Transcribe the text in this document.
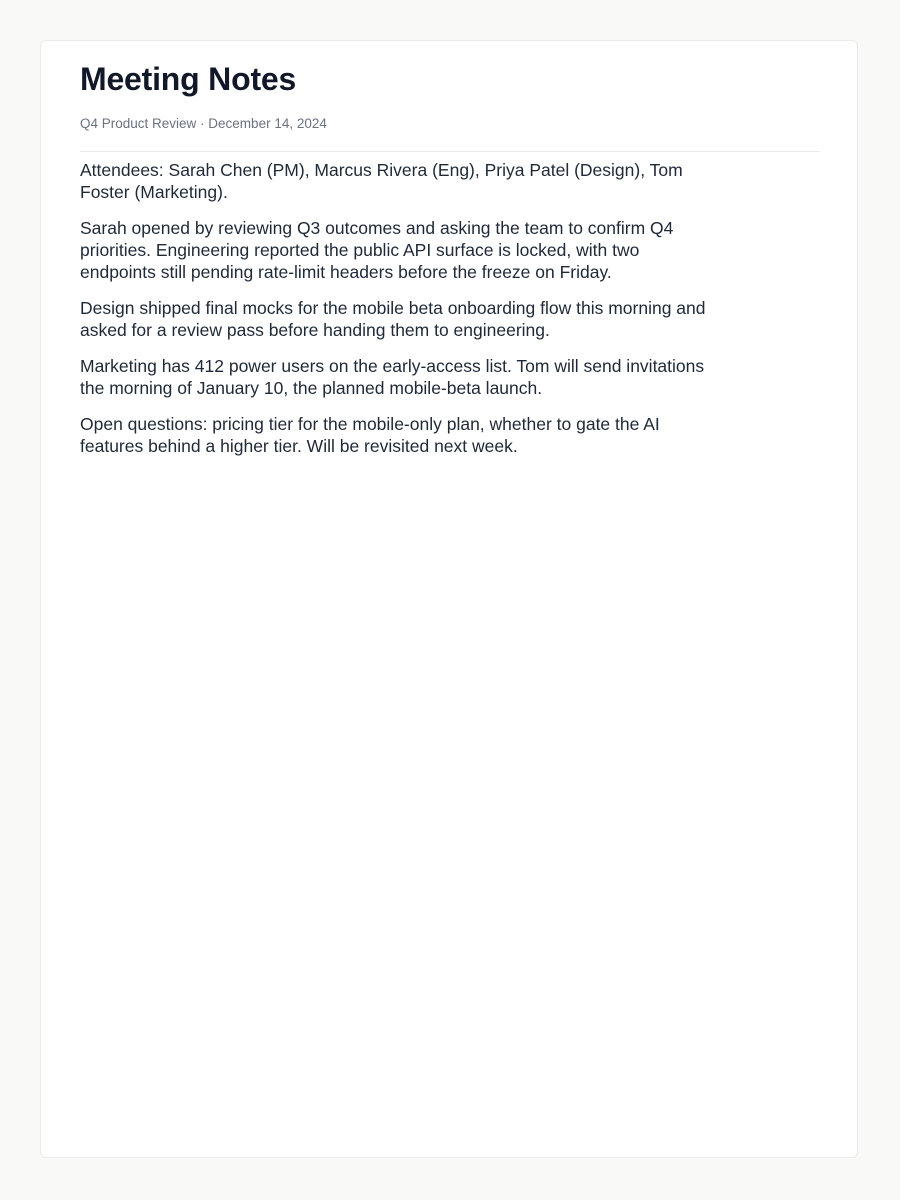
Meeting Notes
Q4 Product Review · December 14, 2024

Attendees: Sarah Chen (PM), Marcus Rivera (Eng), Priya Patel (Design), Tom Foster (Marketing).

Sarah opened by reviewing Q3 outcomes and asking the team to confirm Q4 priorities. Engineering reported the public API surface is locked, with two endpoints still pending rate-limit headers before the freeze on Friday.

Design shipped final mocks for the mobile beta onboarding flow this morning and asked for a review pass before handing them to engineering.

Marketing has 412 power users on the early-access list. Tom will send invitations the morning of January 10, the planned mobile-beta launch.

Open questions: pricing tier for the mobile-only plan, whether to gate the AI features behind a higher tier. Will be revisited next week.
